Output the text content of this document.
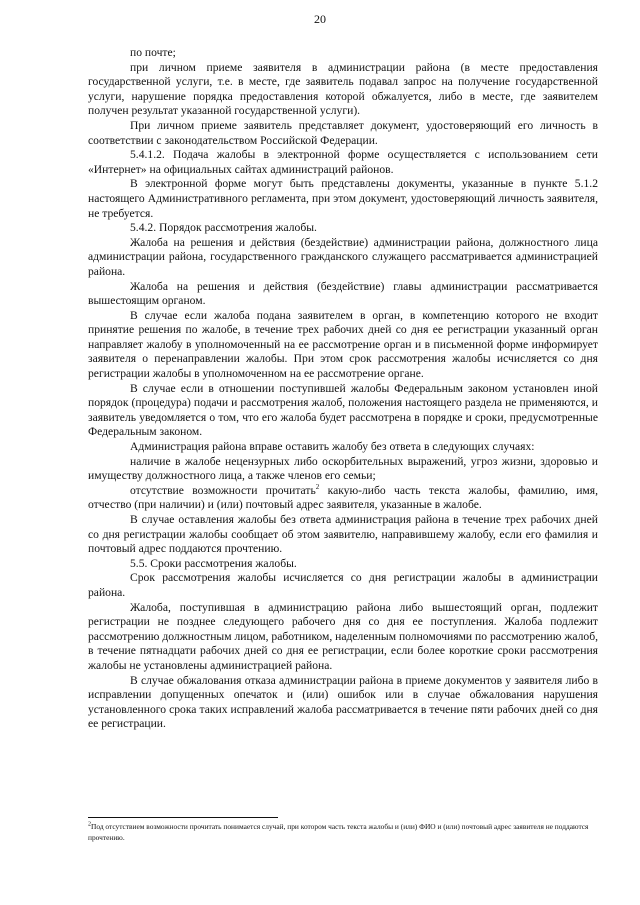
20

по почте;

при личном приеме заявителя в администрации района (в месте предоставления государственной услуги, т.е. в месте, где заявитель подавал запрос на получение государственной услуги, нарушение порядка предоставления которой обжалуется, либо в месте, где заявителем получен результат указанной государственной услуги).

При личном приеме заявитель представляет документ, удостоверяющий его личность в соответствии с законодательством Российской Федерации.

5.4.1.2. Подача жалобы в электронной форме осуществляется с использованием сети «Интернет» на официальных сайтах администраций районов.

В электронной форме могут быть представлены документы, указанные в пункте 5.1.2 настоящего Административного регламента, при этом документ, удостоверяющий личность заявителя, не требуется.

5.4.2. Порядок рассмотрения жалобы.

Жалоба на решения и действия (бездействие) администрации района, должностного лица администрации района, государственного гражданского служащего рассматривается администрацией района.

Жалоба на решения и действия (бездействие) главы администрации рассматривается вышестоящим органом.

В случае если жалоба подана заявителем в орган, в компетенцию которого не входит принятие решения по жалобе, в течение трех рабочих дней со дня ее регистрации указанный орган направляет жалобу в уполномоченный на ее рассмотрение орган и в письменной форме информирует заявителя о перенаправлении жалобы. При этом срок рассмотрения жалобы исчисляется со дня регистрации жалобы в уполномоченном на ее рассмотрение органе.

В случае если в отношении поступившей жалобы Федеральным законом установлен иной порядок (процедура) подачи и рассмотрения жалоб, положения настоящего раздела не применяются, и заявитель уведомляется о том, что его жалоба будет рассмотрена в порядке и сроки, предусмотренные Федеральным законом.

Администрация района вправе оставить жалобу без ответа в следующих случаях:

наличие в жалобе нецензурных либо оскорбительных выражений, угроз жизни, здоровью и имуществу должностного лица, а также членов его семьи;

отсутствие возможности прочитать$^2$ какую-либо часть текста жалобы, фамилию, имя, отчество (при наличии) и (или) почтовый адрес заявителя, указанные в жалобе.

В случае оставления жалобы без ответа администрация района в течение трех рабочих дней со дня регистрации жалобы сообщает об этом заявителю, направившему жалобу, если его фамилия и почтовый адрес поддаются прочтению.

5.5. Сроки рассмотрения жалобы.

Срок рассмотрения жалобы исчисляется со дня регистрации жалобы в администрации района.

Жалоба, поступившая в администрацию района либо вышестоящий орган, подлежит регистрации не позднее следующего рабочего дня со дня ее поступления. Жалоба подлежит рассмотрению должностным лицом, работником, наделенным полномочиями по рассмотрению жалоб, в течение пятнадцати рабочих дней со дня ее регистрации, если более короткие сроки рассмотрения жалобы не установлены администрацией района.

В случае обжалования отказа администрации района в приеме документов у заявителя либо в исправлении допущенных опечаток и (или) ошибок или в случае обжалования нарушения установленного срока таких исправлений жалоба рассматривается в течение пяти рабочих дней со дня ее регистрации.

$^2$Под отсутствием возможности прочитать понимается случай, при котором часть текста жалобы и (или) ФИО и (или) почтовый адрес заявителя не поддаются прочтению.
